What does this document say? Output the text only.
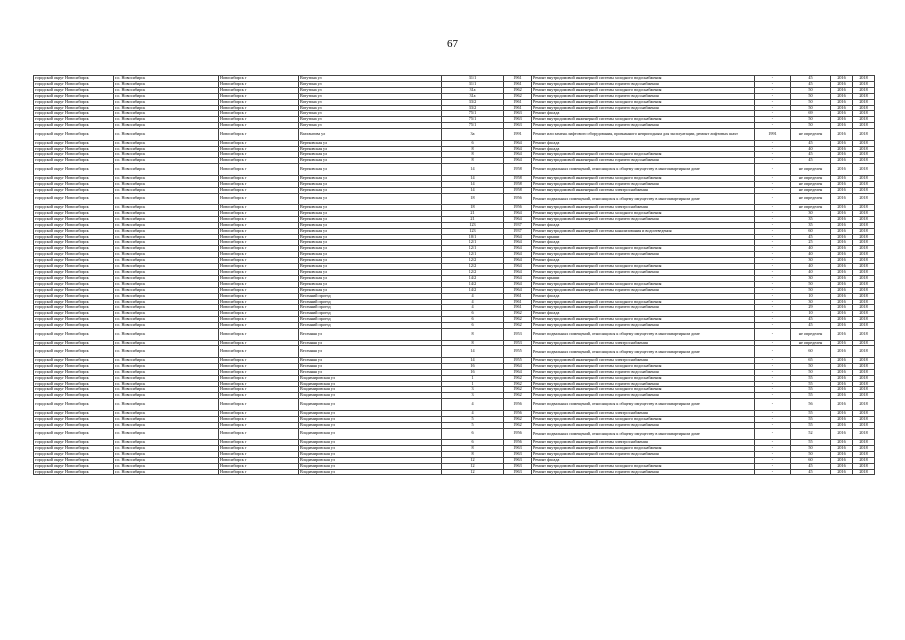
67
городской округ Новосибирск	г.о. Новосибирск	Новосибирск г	Ватутина ул	31/1	1961	Ремонт внутридомовой инженерной системы холодного водоснабжения	-	45	2016	2018
городской округ Новосибирск	г.о. Новосибирск	Новосибирск г	Ватутина ул	31/1	1961	Ремонт внутридомовой инженерной системы горячего водоснабжения	-	45	2016	2018
городской округ Новосибирск	г.о. Новосибирск	Новосибирск г	Ватутина ул	31а	1962	Ремонт внутридомовой инженерной системы холодного водоснабжения	-	50	2016	2018
городской округ Новосибирск	г.о. Новосибирск	Новосибирск г	Ватутина ул	31а	1962	Ремонт внутридомовой инженерной системы горячего водоснабжения	-	50	2016	2018
городской округ Новосибирск	г.о. Новосибирск	Новосибирск г	Ватутина ул	33/2	1961	Ремонт внутридомовой инженерной системы холодного водоснабжения	-	50	2016	2018
городской округ Новосибирск	г.о. Новосибирск	Новосибирск г	Ватутина ул	33/2	1961	Ремонт внутридомовой инженерной системы горячего водоснабжения	-	50	2016	2018
городской округ Новосибирск	г.о. Новосибирск	Новосибирск г	Ватутина ул	75/1	1963	Ремонт фасада	-	69	2016	2018
городской округ Новосибирск	г.о. Новосибирск	Новосибирск г	Ватутина ул	75/1	1963	Ремонт внутридомовой инженерной системы холодного водоснабжения	-	50	2016	2018
городской округ Новосибирск	г.о. Новосибирск	Новосибирск г	Ватутина ул	75/1	1963	Ремонт внутридомовой инженерной системы горячего водоснабжения	-	50	2016	2018
городской округ Новосибирск	г.о. Новосибирск	Новосибирск г	Вахтангова ул	3а	1991	Ремонт или замена лифтового оборудования, признанного непригодным для эксплуатации, ремонт лифтовых шахт	1991	не определен	2016	2018
городской округ Новосибирск	г.о. Новосибирск	Новосибирск г	Вертковская ул	6	1964	Ремонт фасада	-	45	2016	2018
городской округ Новосибирск	г.о. Новосибирск	Новосибирск г	Вертковская ул	8	1964	Ремонт фасада	-	40	2016	2018
городской округ Новосибирск	г.о. Новосибирск	Новосибирск г	Вертковская ул	8	1964	Ремонт внутридомовой инженерной системы холодного водоснабжения	-	45	2016	2018
городской округ Новосибирск	г.о. Новосибирск	Новосибирск г	Вертковская ул	8	1964	Ремонт внутридомовой инженерной системы горячего водоснабжения	-	45	2016	2018
городской округ Новосибирск	г.о. Новосибирск	Новосибирск г	Вертковская ул	14	1958	Ремонт подвальных помещений, относящихся к общему имуществу в многоквартирном доме	-	не определен	2016	2018
городской округ Новосибирск	г.о. Новосибирск	Новосибирск г	Вертковская ул	14	1958	Ремонт внутридомовой инженерной системы холодного водоснабжения	-	не определен	2016	2018
городской округ Новосибирск	г.о. Новосибирск	Новосибирск г	Вертковская ул	14	1958	Ремонт внутридомовой инженерной системы горячего водоснабжения	-	не определен	2016	2018
городской округ Новосибирск	г.о. Новосибирск	Новосибирск г	Вертковская ул	14	1958	Ремонт внутридомовой инженерной системы электроснабжения	-	не определен	2016	2018
городской округ Новосибирск	г.о. Новосибирск	Новосибирск г	Вертковская ул	18	1956	Ремонт подвальных помещений, относящихся к общему имуществу в многоквартирном доме	-	не определен	2016	2018
городской округ Новосибирск	г.о. Новосибирск	Новосибирск г	Вертковская ул	18	1956	Ремонт внутридомовой инженерной системы электроснабжения	-	не определен	2016	2018
городской округ Новосибирск	г.о. Новосибирск	Новосибирск г	Вертковская ул	21	1964	Ремонт внутридомовой инженерной системы холодного водоснабжения	-	30	2016	2018
городской округ Новосибирск	г.о. Новосибирск	Новосибирск г	Вертковская ул	21	1964	Ремонт внутридомовой инженерной системы горячего водоснабжения	-	35	2016	2018
городской округ Новосибирск	г.о. Новосибирск	Новосибирск г	Вертковская ул	123	1937	Ремонт фасада	-	35	2016	2018
городской округ Новосибирск	г.о. Новосибирск	Новосибирск г	Вертковская ул	123	1937	Ремонт внутридомовой инженерной системы канализования и водоотведения	-	60	2016	2018
городской округ Новосибирск	г.о. Новосибирск	Новосибирск г	Вертковская ул	10/1	1964	Ремонт крыши	-	45	2016	2018
городской округ Новосибирск	г.о. Новосибирск	Новосибирск г	Вертковская ул	12/1	1964	Ремонт фасада	-	25	2016	2018
городской округ Новосибирск	г.о. Новосибирск	Новосибирск г	Вертковская ул	12/1	1964	Ремонт внутридомовой инженерной системы холодного водоснабжения	-	40	2016	2018
городской округ Новосибирск	г.о. Новосибирск	Новосибирск г	Вертковская ул	12/1	1964	Ремонт внутридомовой инженерной системы горячего водоснабжения	-	40	2016	2018
городской округ Новосибирск	г.о. Новосибирск	Новосибирск г	Вертковская ул	12/2	1964	Ремонт фасада	-	30	2016	2018
городской округ Новосибирск	г.о. Новосибирск	Новосибирск г	Вертковская ул	12/2	1964	Ремонт внутридомовой инженерной системы холодного водоснабжения	-	40	2016	2018
городской округ Новосибирск	г.о. Новосибирск	Новосибирск г	Вертковская ул	12/2	1964	Ремонт внутридомовой инженерной системы горячего водоснабжения	-	40	2016	2018
городской округ Новосибирск	г.о. Новосибирск	Новосибирск г	Вертковская ул	14/2	1964	Ремонт крыши	-	30	2016	2018
городской округ Новосибирск	г.о. Новосибирск	Новосибирск г	Вертковская ул	14/2	1964	Ремонт внутридомовой инженерной системы холодного водоснабжения	-	50	2016	2018
городской округ Новосибирск	г.о. Новосибирск	Новосибирск г	Вертковская ул	14/2	1964	Ремонт внутридомовой инженерной системы горячего водоснабжения	-	50	2016	2018
городской округ Новосибирск	г.о. Новосибирск	Новосибирск г	Весенний проезд	4	1961	Ремонт фасада	-	10	2016	2018
городской округ Новосибирск	г.о. Новосибирск	Новосибирск г	Весенний проезд	4	1961	Ремонт внутридомовой инженерной системы холодного водоснабжения	-	30	2016	2018
городской округ Новосибирск	г.о. Новосибирск	Новосибирск г	Весенний проезд	4	1961	Ремонт внутридомовой инженерной системы горячего водоснабжения	-	29	2016	2018
городской округ Новосибирск	г.о. Новосибирск	Новосибирск г	Весенний проезд	6	1962	Ремонт фасада	-	10	2016	2018
городской округ Новосибирск	г.о. Новосибирск	Новосибирск г	Весенний проезд	6	1962	Ремонт внутридомовой инженерной системы холодного водоснабжения	-	45	2016	2018
городской округ Новосибирск	г.о. Новосибирск	Новосибирск г	Весенний проезд	6	1962	Ремонт внутридомовой инженерной системы горячего водоснабжения	-	45	2016	2018
городской округ Новосибирск	г.о. Новосибирск	Новосибирск г	Весенняя ул	8	1953	Ремонт подвальных помещений, относящихся к общему имуществу в многоквартирном доме	-	не определен	2016	2018
городской округ Новосибирск	г.о. Новосибирск	Новосибирск г	Весенняя ул	8	1953	Ремонт внутридомовой инженерной системы электроснабжения	-	не определен	2016	2018
городской округ Новосибирск	г.о. Новосибирск	Новосибирск г	Весенняя ул	14	1955	Ремонт подвальных помещений, относящихся к общему имуществу в многоквартирном доме	-	60	2016	2018
городской округ Новосибирск	г.о. Новосибирск	Новосибирск г	Весенняя ул	14	1955	Ремонт внутридомовой инженерной системы электроснабжения	-	65	2016	2018
городской округ Новосибирск	г.о. Новосибирск	Новосибирск г	Весенняя ул	16	1964	Ремонт внутридомовой инженерной системы холодного водоснабжения	-	50	2016	2018
городской округ Новосибирск	г.о. Новосибирск	Новосибирск г	Весенняя ул	16	1964	Ремонт внутридомовой инженерной системы горячего водоснабжения	-	50	2016	2018
городской округ Новосибирск	г.о. Новосибирск	Новосибирск г	Владимировская ул	1	1962	Ремонт внутридомовой инженерной системы холодного водоснабжения	-	55	2016	2018
городской округ Новосибирск	г.о. Новосибирск	Новосибирск г	Владимировская ул	1	1962	Ремонт внутридомовой инженерной системы горячего водоснабжения	-	55	2016	2018
городской округ Новосибирск	г.о. Новосибирск	Новосибирск г	Владимировская ул	3	1962	Ремонт внутридомовой инженерной системы холодного водоснабжения	-	55	2016	2018
городской округ Новосибирск	г.о. Новосибирск	Новосибирск г	Владимировская ул	3	1962	Ремонт внутридомовой инженерной системы горячего водоснабжения	-	55	2016	2018
городской округ Новосибирск	г.о. Новосибирск	Новосибирск г	Владимировская ул	4	1956	Ремонт подвальных помещений, относящихся к общему имуществу в многоквартирном доме	-	56	2016	2018
городской округ Новосибирск	г.о. Новосибирск	Новосибирск г	Владимировская ул	4	1956	Ремонт внутридомовой инженерной системы электроснабжения	-	55	2016	2018
городской округ Новосибирск	г.о. Новосибирск	Новосибирск г	Владимировская ул	5	1962	Ремонт внутридомовой инженерной системы холодного водоснабжения	-	55	2016	2018
городской округ Новосибирск	г.о. Новосибирск	Новосибирск г	Владимировская ул	5	1962	Ремонт внутридомовой инженерной системы горячего водоснабжения	-	55	2016	2018
городской округ Новосибирск	г.о. Новосибирск	Новосибирск г	Владимировская ул	6	1956	Ремонт подвальных помещений, относящихся к общему имуществу в многоквартирном доме	-	52	2016	2018
городской округ Новосибирск	г.о. Новосибирск	Новосибирск г	Владимировская ул	6	1956	Ремонт внутридомовой инженерной системы электроснабжения	-	55	2016	2018
городской округ Новосибирск	г.о. Новосибирск	Новосибирск г	Владимировская ул	8	1963	Ремонт внутридомовой инженерной системы холодного водоснабжения	-	50	2016	2018
городской округ Новосибирск	г.о. Новосибирск	Новосибирск г	Владимировская ул	8	1963	Ремонт внутридомовой инженерной системы горячего водоснабжения	-	50	2016	2018
городской округ Новосибирск	г.о. Новосибирск	Новосибирск г	Владимировская ул	12	1963	Ремонт фасада	-	60	2016	2018
городской округ Новосибирск	г.о. Новосибирск	Новосибирск г	Владимировская ул	12	1963	Ремонт внутридомовой инженерной системы холодного водоснабжения	-	45	2016	2018
городской округ Новосибирск	г.о. Новосибирск	Новосибирск г	Владимировская ул	12	1963	Ремонт внутридомовой инженерной системы горячего водоснабжения	-	45	2016	2018
